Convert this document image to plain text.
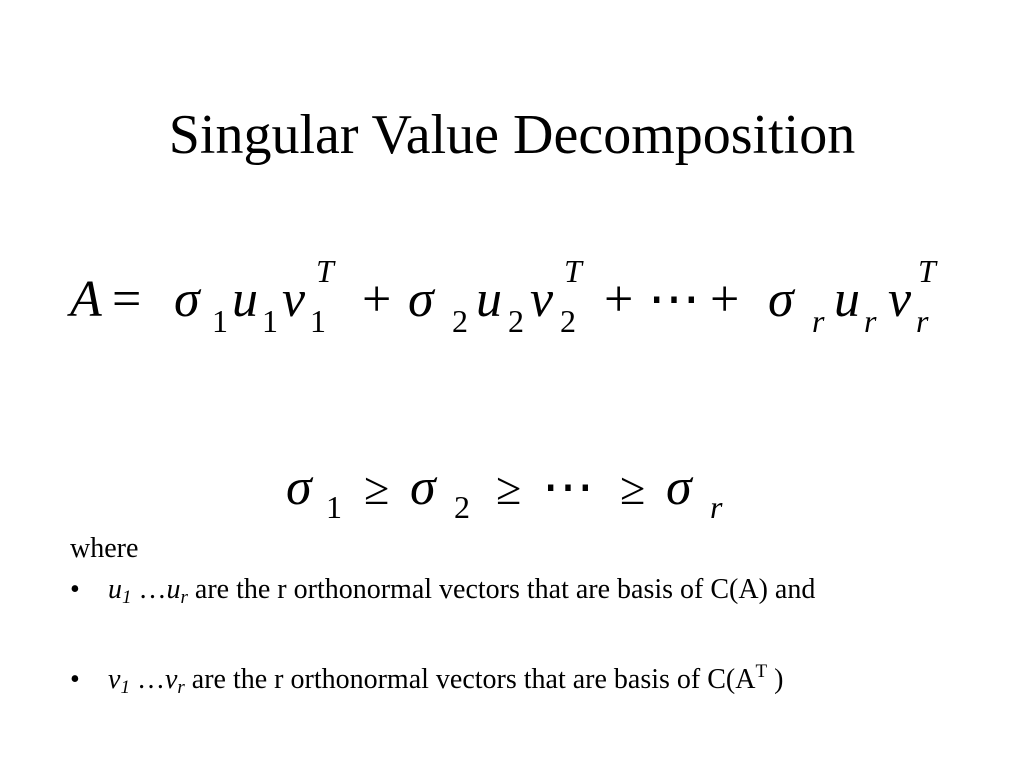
Singular Value Decomposition
A = σ 1 u 1 v 1
T + σ 2 u 2 v 2
T + ⋯ + σ r u r v r
T
σ 1 ≥ σ 2 ≥ ⋯ ≥ σ r
where
• $u_1$ $\dots u_r$ are the r orthonormal vectors that are basis of C(A) and
• $v_1$ $\dots v_r$ are the r orthonormal vectors that are basis of $C(A^T$ )
